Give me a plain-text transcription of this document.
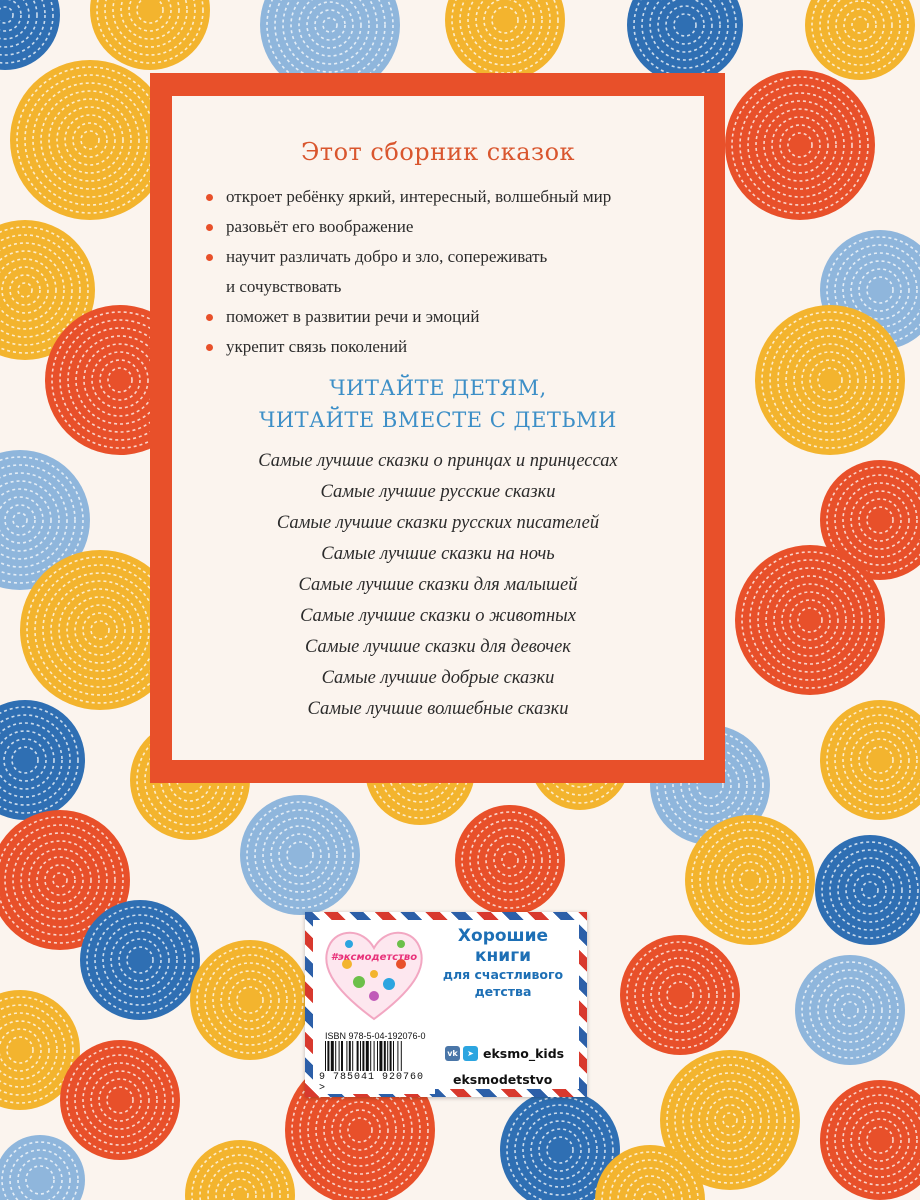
Этот сборник сказок
откроет ребёнку яркий, интересный, волшебный мир
разовьёт его воображение
научит различать добро и зло, сопереживать
и сочувствовать
поможет в развитии речи и эмоций
укрепит связь поколений
ЧИТАЙТЕ ДЕТЯМ,
ЧИТАЙТЕ ВМЕСТЕ С ДЕТЬМИ
Самые лучшие сказки о принцах и принцессах
Самые лучшие русские сказки
Самые лучшие сказки русских писателей
Самые лучшие сказки на ночь
Самые лучшие сказки для малышей
Самые лучшие сказки о животных
Самые лучшие сказки для девочек
Самые лучшие добрые сказки
Самые лучшие волшебные сказки
#эксмодетство
Хорошие
книги
для счастливого
детства
ISBN 978-5-04-192076-0
9 785041 920760 >
vk	➤ eksmo_kids
eksmodetstvo
